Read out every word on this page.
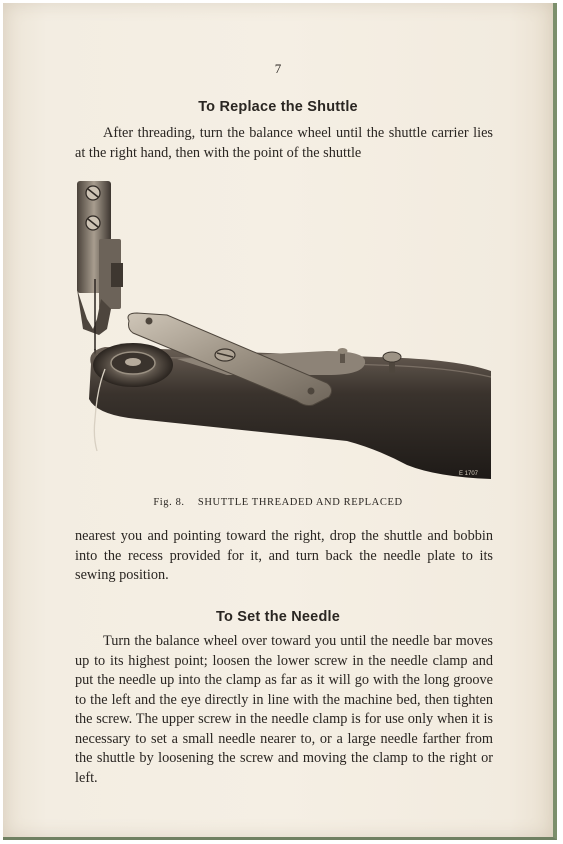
7
To Replace the Shuttle

After threading, turn the balance wheel until the shuttle carrier lies at the right hand, then with the point of the shuttle

E 1707
Fig. 8. SHUTTLE THREADED AND REPLACED

nearest you and pointing toward the right, drop the shuttle and bobbin into the recess provided for it, and turn back the needle plate to its sewing position.

To Set the Needle

Turn the balance wheel over toward you until the needle bar moves up to its highest point; loosen the lower screw in the needle clamp and put the needle up into the clamp as far as it will go with the long groove to the left and the eye directly in line with the machine bed, then tighten the screw. The upper screw in the needle clamp is for use only when it is necessary to set a small needle nearer to, or a large needle farther from the shuttle by loosening the screw and moving the clamp to the right or left.
